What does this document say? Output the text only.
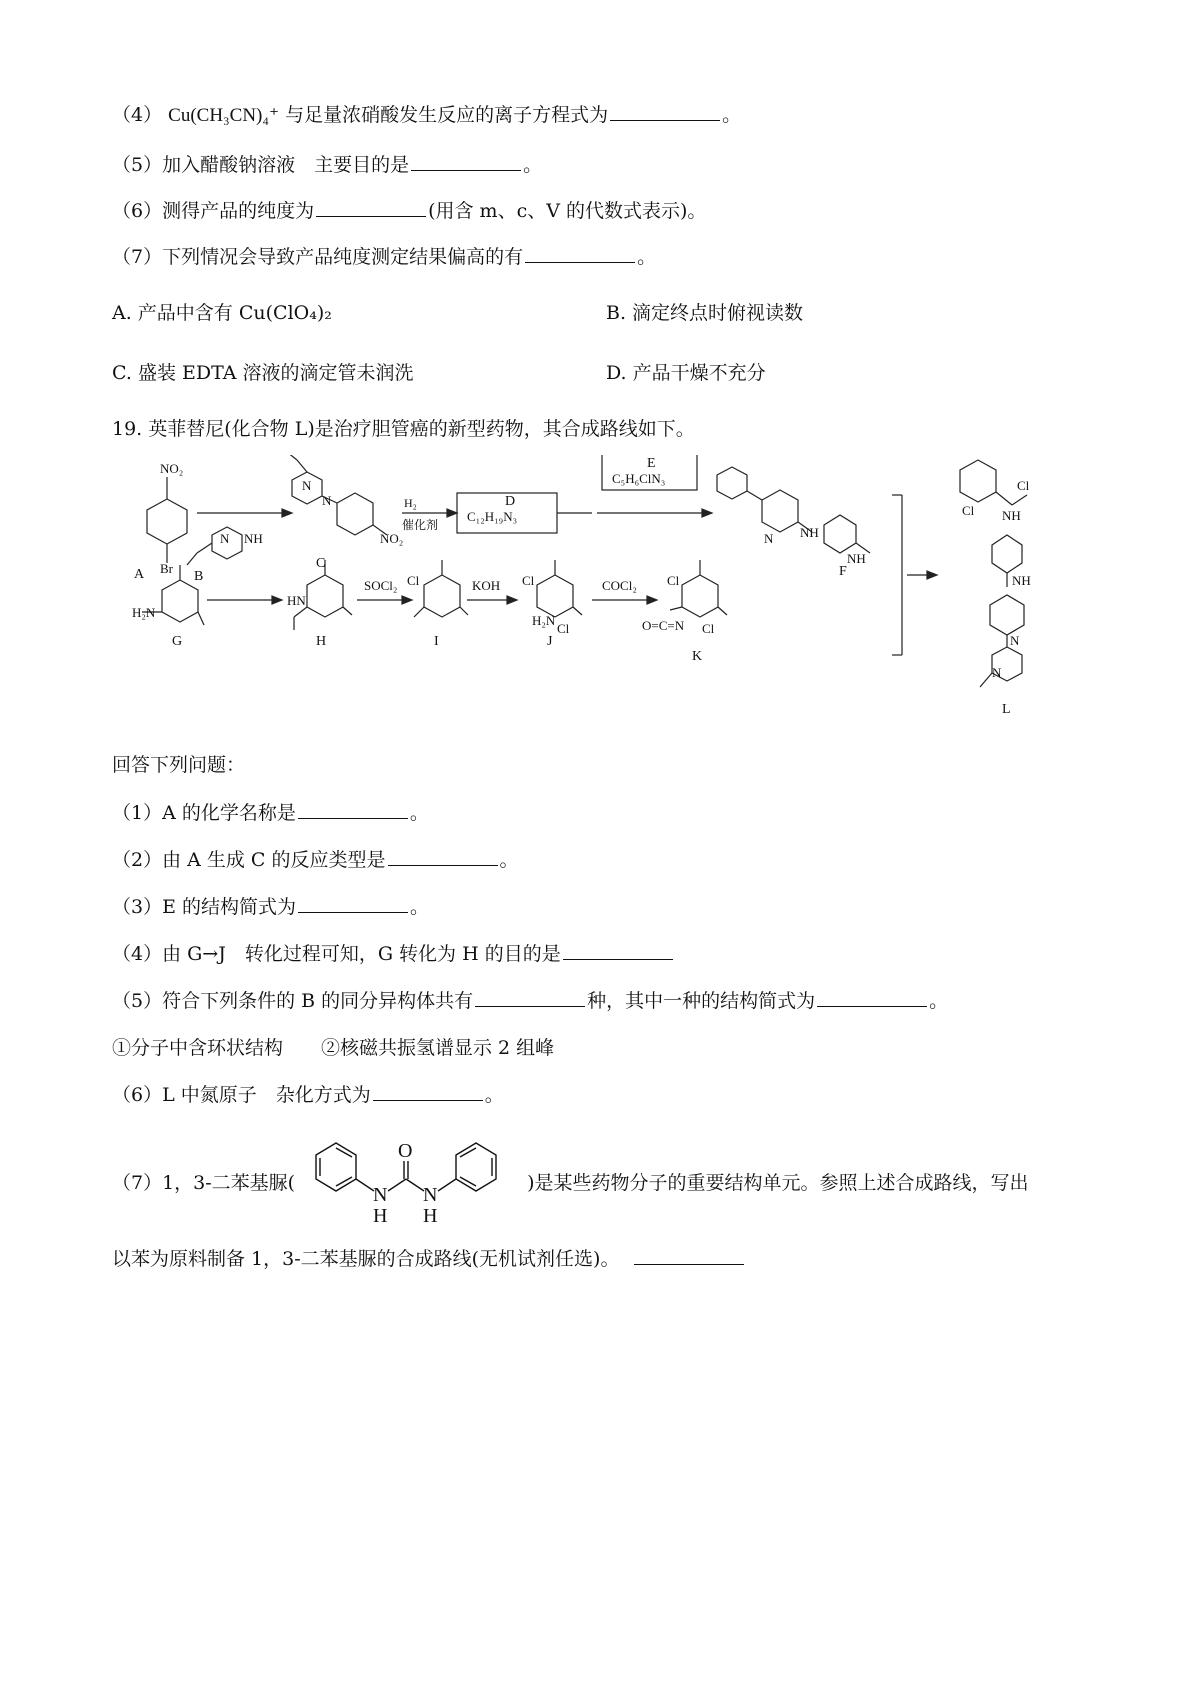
（4） Cu(CH₃CN)₄⁺ 与足量浓硝酸发生反应的离子方程式为	。
（5）加入醋酸钠溶液　主要目的是	。
（6）测得产品的纯度为	(用含 m、c、V 的代数式表示)。
（7）下列情况会导致产品纯度测定结果偏高的有	。
A. 产品中含有 Cu(ClO₄)₂	B. 滴定终点时俯视读数
C. 盛装 EDTA 溶液的滴定管未润洗	D. 产品干燥不充分
19. 英菲替尼(化合物 L)是治疗胆管癌的新型药物，其合成路线如下。
NO₂
Br
N NH	NO₂
N
N	H₂
催化剂
C₁₂H₁₉N₃
C₅H₆ClN₃
N NH
NH
H₂N
HN
SOCl₂ Cl	KOH Cl
H₂N
Cl
COCl₂ Cl
O=C=N Cl
Cl NH
Cl
NH
N
N
A	B
C
D
E
F
G	H	I	J
K
L
回答下列问题：
（1）A 的化学名称是	。
（2）由 A 生成 C 的反应类型是	。
（3）E 的结构简式为	。
（4）由 G→J　转化过程可知，G 转化为 H 的目的是
（5）符合下列条件的 B 的同分异构体共有	种，其中一种的结构简式为	。
①分子中含环状结构　　②核磁共振氢谱显示 2 组峰
（6）L 中氮原子　杂化方式为	。
（7）1，3-二苯基脲(	)是某些药物分子的重要结构单元。参照上述合成路线，写出
O
N
H
N
H
以苯为原料制备 1，3-二苯基脲的合成路线(无机试剂任选)。
